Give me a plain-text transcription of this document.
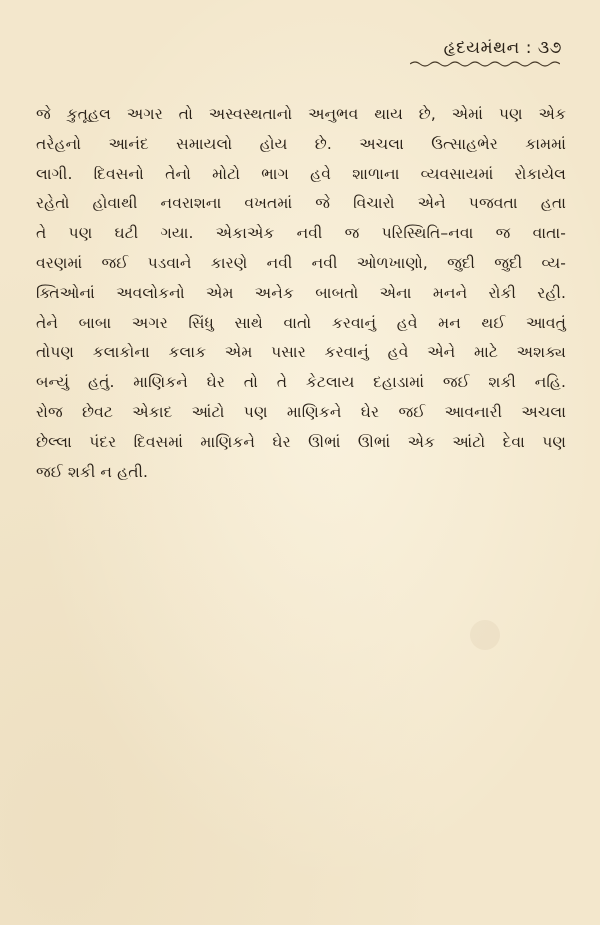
હૃદયમંથન : ૩૭
જે કુતૂહલ અગર તો અસ્વસ્થતાનો અનુભવ થાય છે, એમાં પણ એક
તરેહનો આનંદ સમાયલો હોય છે. અચલા ઉત્સાહભેર કામમાં
લાગી. દિવસનો તેનો મોટો ભાગ હવે શાળાના વ્યવસાયમાં રોકાયેલ
રહેતો હોવાથી નવરાશના વખતમાં જે વિચારો એને પજવતા હતા
તે પણ ઘટી ગયા. એકાએક નવી જ પરિસ્થિતિ–નવા જ વાતા-
વરણમાં જઈ પડવાને કારણે નવી નવી ઓળખાણો, જુદી જુદી વ્ય-
ક્તિઓનાં અવલોકનો એમ અનેક બાબતો એના મનને રોકી રહી.
તેને બાબા અગર સિંધુ સાથે વાતો કરવાનું હવે મન થઈ આવતું
તોપણ કલાકોના કલાક એમ પસાર કરવાનું હવે એને માટે અશક્ય
બન્યું હતું. માણિકને ઘેર તો તે કેટલાય દહાડામાં જઈ શકી નહિ.
રોજ છેવટ એકાદ આંટો પણ માણિકને ઘેર જઈ આવનારી અચલા
છેલ્લા પંદર દિવસમાં માણિકને ઘેર ઊભાં ઊભાં એક આંટો દેવા પણ
જઈ શકી ન હતી.
